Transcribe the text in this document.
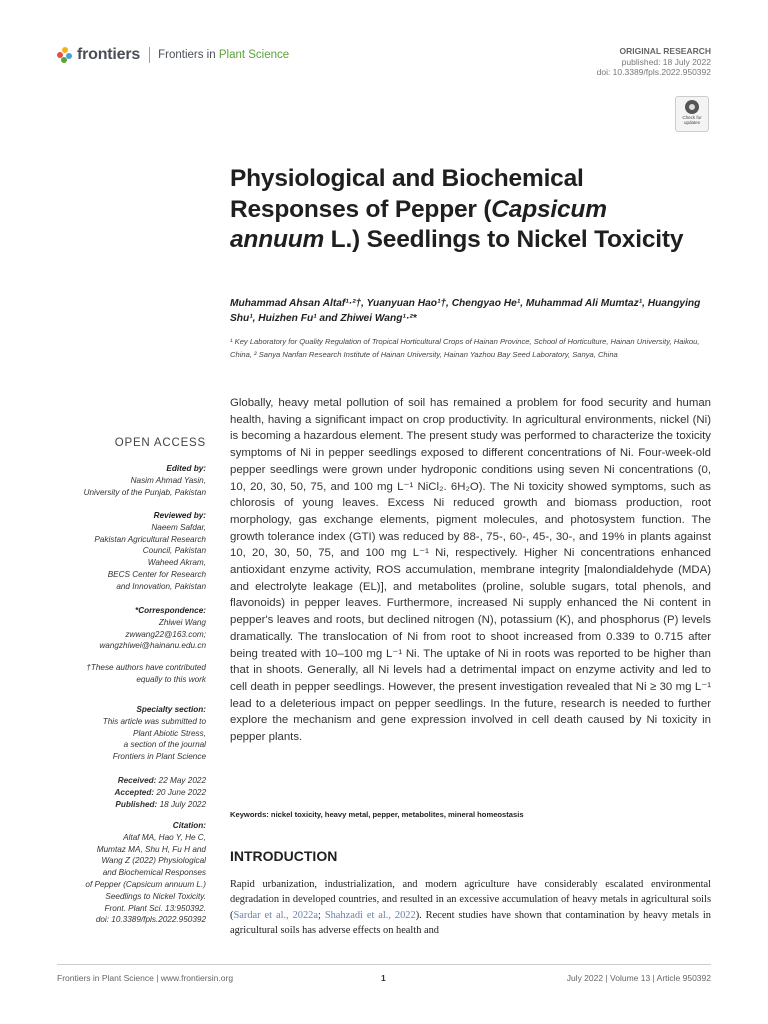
frontiers Frontiers in Plant Science	ORIGINAL RESEARCH
published: 18 July 2022
doi: 10.3389/fpls.2022.950392
Check for updates
Physiological and Biochemical Responses of Pepper (Capsicum annuum L.) Seedlings to Nickel Toxicity
Muhammad Ahsan Altaf¹·²†, Yuanyuan Hao¹†, Chengyao He¹, Muhammad Ali Mumtaz¹, Huangying Shu¹, Huizhen Fu¹ and Zhiwei Wang¹·²*
¹ Key Laboratory for Quality Regulation of Tropical Horticultural Crops of Hainan Province, School of Horticulture, Hainan University, Haikou, China, ² Sanya Nanfan Research Institute of Hainan University, Hainan Yazhou Bay Seed Laboratory, Sanya, China
OPEN ACCESS
Edited by:
Nasim Ahmad Yasin,
University of the Punjab, Pakistan
Reviewed by:
Naeem Safdar,
Pakistan Agricultural Research
Council, Pakistan
Waheed Akram,
BECS Center for Research
and Innovation, Pakistan
*Correspondence:
Zhiwei Wang
zwwang22@163.com;
wangzhiwei@hainanu.edu.cn
†These authors have contributed
equally to this work
Specialty section:
This article was submitted to
Plant Abiotic Stress,
a section of the journal
Frontiers in Plant Science
Received: 22 May 2022
Accepted: 20 June 2022
Published: 18 July 2022
Citation:
Altaf MA, Hao Y, He C,
Mumtaz MA, Shu H, Fu H and
Wang Z (2022) Physiological
and Biochemical Responses
of Pepper (Capsicum annuum L.)
Seedlings to Nickel Toxicity.
Front. Plant Sci. 13:950392.
doi: 10.3389/fpls.2022.950392
Globally, heavy metal pollution of soil has remained a problem for food security and human health, having a significant impact on crop productivity. In agricultural environments, nickel (Ni) is becoming a hazardous element. The present study was performed to characterize the toxicity symptoms of Ni in pepper seedlings exposed to different concentrations of Ni. Four-week-old pepper seedlings were grown under hydroponic conditions using seven Ni concentrations (0, 10, 20, 30, 50, 75, and 100 mg L⁻¹ NiCl₂. 6H₂O). The Ni toxicity showed symptoms, such as chlorosis of young leaves. Excess Ni reduced growth and biomass production, root morphology, gas exchange elements, pigment molecules, and photosystem function. The growth tolerance index (GTI) was reduced by 88-, 75-, 60-, 45-, 30-, and 19% in plants against 10, 20, 30, 50, 75, and 100 mg L⁻¹ Ni, respectively. Higher Ni concentrations enhanced antioxidant enzyme activity, ROS accumulation, membrane integrity [malondialdehyde (MDA) and electrolyte leakage (EL)], and metabolites (proline, soluble sugars, total phenols, and flavonoids) in pepper leaves. Furthermore, increased Ni supply enhanced the Ni content in pepper's leaves and roots, but declined nitrogen (N), potassium (K), and phosphorus (P) levels dramatically. The translocation of Ni from root to shoot increased from 0.339 to 0.715 after being treated with 10–100 mg L⁻¹ Ni. The uptake of Ni in roots was reported to be higher than that in shoots. Generally, all Ni levels had a detrimental impact on enzyme activity and led to cell death in pepper seedlings. However, the present investigation revealed that Ni ≥ 30 mg L⁻¹ lead to a deleterious impact on pepper seedlings. In the future, research is needed to further explore the mechanism and gene expression involved in cell death caused by Ni toxicity in pepper plants.
Keywords: nickel toxicity, heavy metal, pepper, metabolites, mineral homeostasis
INTRODUCTION
Rapid urbanization, industrialization, and modern agriculture have considerably escalated environmental degradation in developed countries, and resulted in an excessive accumulation of heavy metals in agricultural soils (Sardar et al., 2022a; Shahzadi et al., 2022). Recent studies have shown that contamination by heavy metals in agricultural soils has adverse effects on health and
Frontiers in Plant Science | www.frontiersin.org	1	July 2022 | Volume 13 | Article 950392
